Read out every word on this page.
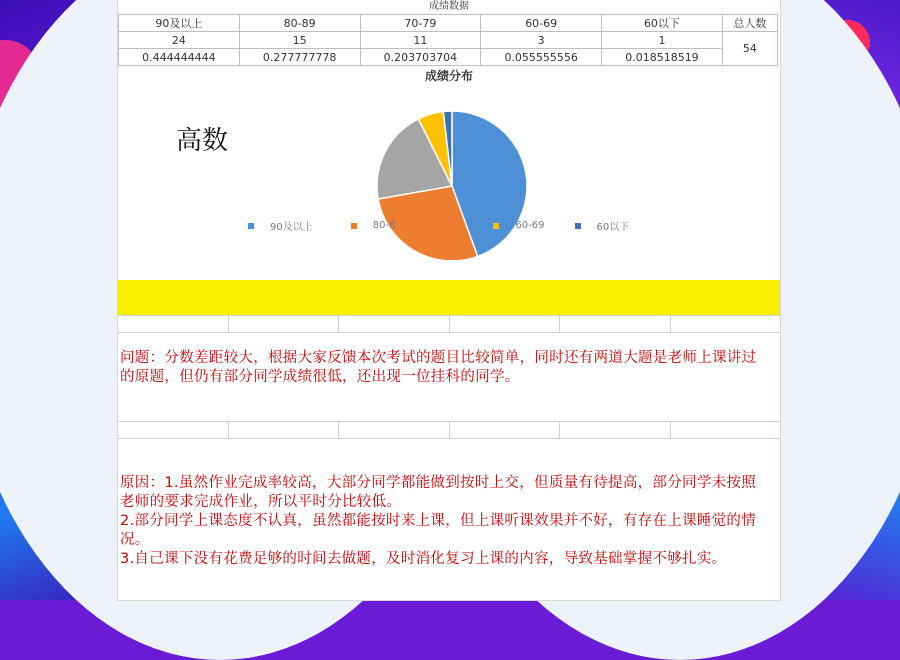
成绩数据
90及以上	80-89	70-79	60-69	60以下	总人数
24	15	11	3	1	54
0.444444444	0.277777778	0.203703704	0.055555556	0.018518519	
成绩分布
高数
90及以上	80-8	60-69	60以下
问题：分数差距较大，根据大家反馈本次考试的题目比较简单，同时还有两道大题是老师上课讲过的原题，但仍有部分同学成绩很低，还出现一位挂科的同学。
原因：1.虽然作业完成率较高，大部分同学都能做到按时上交，但质量有待提高，部分同学未按照老师的要求完成作业，所以平时分比较低。
2.部分同学上课态度不认真，虽然都能按时来上课，但上课听课效果并不好，有存在上课睡觉的情况。
3.自己课下没有花费足够的时间去做题，及时消化复习上课的内容，导致基础掌握不够扎实。
